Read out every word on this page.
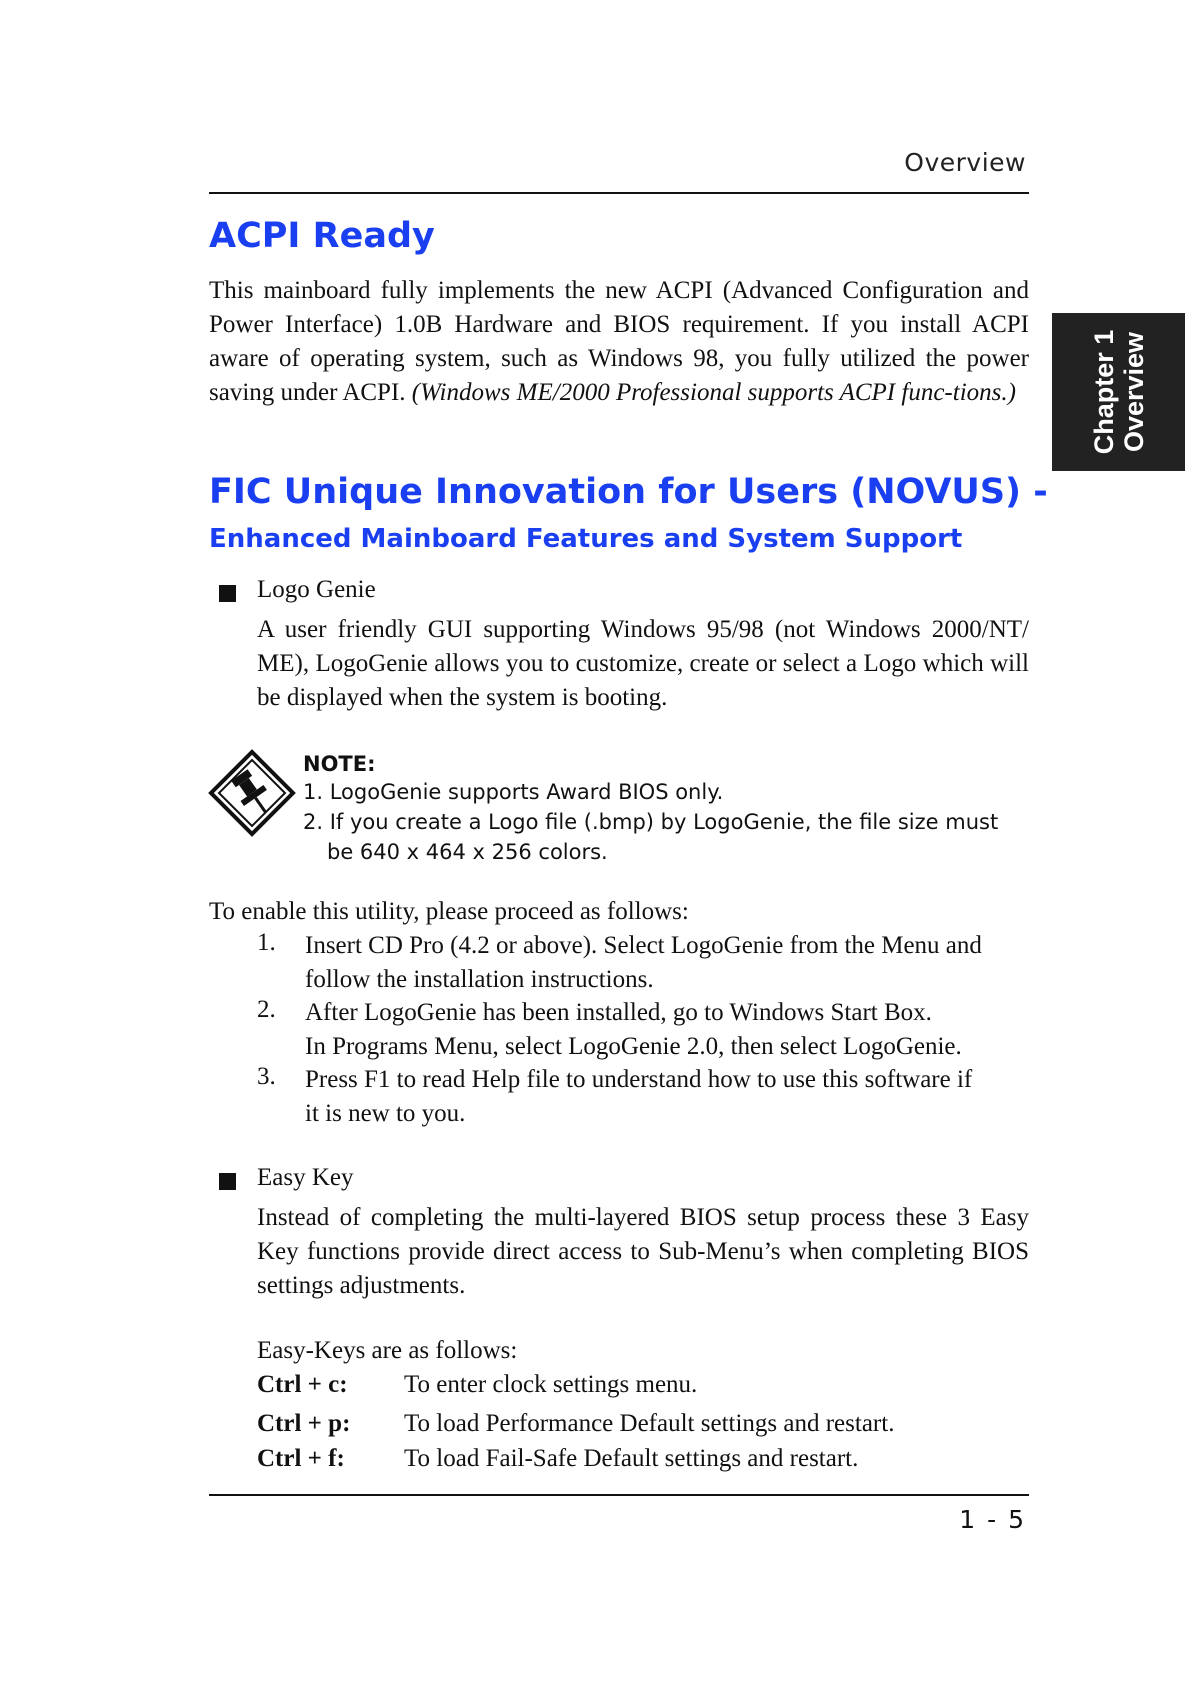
Overview
Chapter 1 Overview
ACPI Ready
This mainboard fully implements the new ACPI (Advanced Configuration and Power Interface) 1.0B Hardware and BIOS requirement. If you install ACPI aware of operating system, such as Windows 98, you fully utilized the power saving under ACPI. (Windows ME/2000 Professional supports ACPI func-tions.)
FIC Unique Innovation for Users (NOVUS) -
Enhanced Mainboard Features and System Support
Logo Genie
A user friendly GUI supporting Windows 95/98 (not Windows 2000/NT/ ME), LogoGenie allows you to customize, create or select a Logo which will be displayed when the system is booting.
NOTE:
1. LogoGenie supports Award BIOS only.
2. If you create a Logo file (.bmp) by LogoGenie, the file size must
be 640 x 464 x 256 colors.
To enable this utility, please proceed as follows:
1. Insert CD Pro (4.2 or above). Select LogoGenie from the Menu and
follow the installation instructions.
2. After LogoGenie has been installed, go to Windows Start Box.
In Programs Menu, select LogoGenie 2.0, then select LogoGenie.
3. Press F1 to read Help file to understand how to use this software if
it is new to you.
Easy Key
Instead of completing the multi-layered BIOS setup process these 3 Easy Key functions provide direct access to Sub-Menu’s when completing BIOS settings adjustments.
Easy-Keys are as follows:
Ctrl + c: To enter clock settings menu.
Ctrl + p: To load Performance Default settings and restart.
Ctrl + f: To load Fail-Safe Default settings and restart.
1 - 5
